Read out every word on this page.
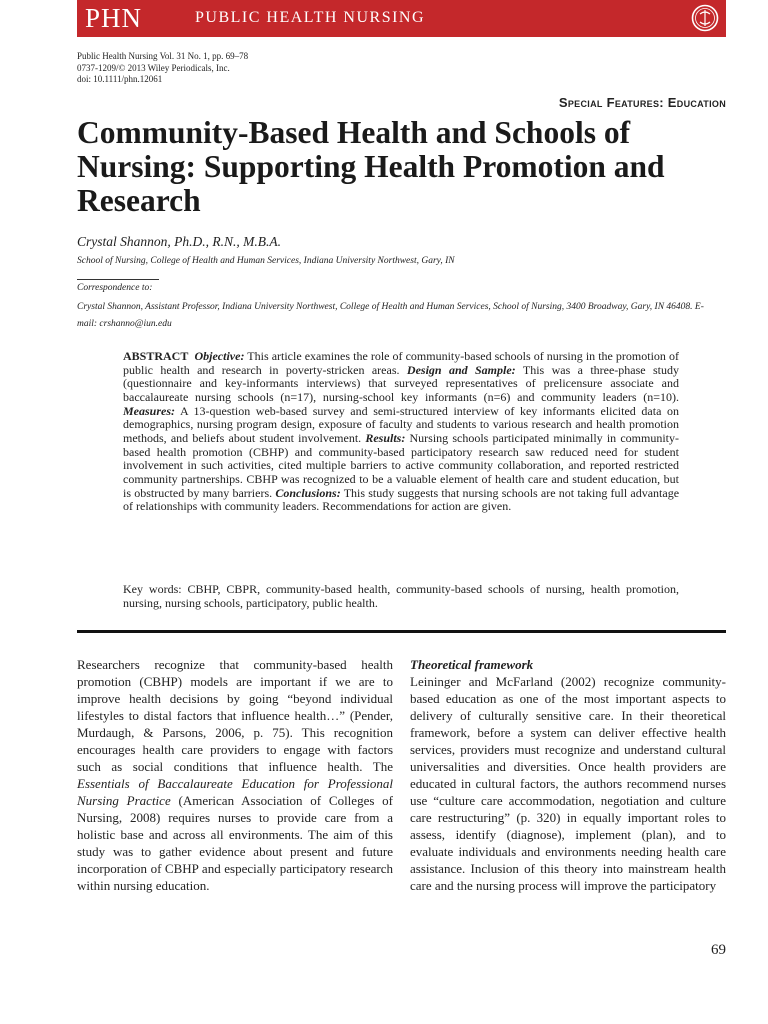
PHN	PUBLIC HEALTH NURSING
Public Health Nursing Vol. 31 No. 1, pp. 69–78
0737-1209/© 2013 Wiley Periodicals, Inc.
doi: 10.1111/phn.12061
Special Features: Education
Community-Based Health and Schools of Nursing: Supporting Health Promotion and Research
Crystal Shannon, Ph.D., R.N., M.B.A.
School of Nursing, College of Health and Human Services, Indiana University Northwest, Gary, IN
Correspondence to:
Crystal Shannon, Assistant Professor, Indiana University Northwest, College of Health and Human Services, School of Nursing, 3400 Broadway, Gary, IN 46408. E-mail: crshanno@iun.edu

ABSTRACT Objective: This article examines the role of community-based schools of nursing in the promotion of public health and research in poverty-stricken areas. Design and Sample: This was a three-phase study (questionnaire and key-informants interviews) that surveyed representatives of prelicensure associate and baccalaureate nursing schools (n=17), nursing-school key informants (n=6) and community leaders (n=10). Measures: A 13-question web-based survey and semi-structured interview of key informants elicited data on demographics, nursing program design, exposure of faculty and students to various research and health promotion methods, and beliefs about student involvement. Results: Nursing schools participated minimally in community-based health promotion (CBHP) and community-based participatory research saw reduced need for student involvement in such activities, cited multiple barriers to active community collaboration, and reported restricted community partnerships. CBHP was recognized to be a valuable element of health care and student education, but is obstructed by many barriers. Conclusions: This study suggests that nursing schools are not taking full advantage of relationships with community leaders. Recommendations for action are given.

Key words: CBHP, CBPR, community-based health, community-based schools of nursing, health promotion, nursing, nursing schools, participatory, public health.

Researchers recognize that community-based health promotion (CBHP) models are important if we are to improve health decisions by going “beyond individual lifestyles to distal factors that influence health…” (Pender, Murdaugh, & Parsons, 2006, p. 75). This recognition encourages health care providers to engage with factors such as social conditions that influence health. The Essentials of Baccalaureate Education for Professional Nursing Practice (American Association of Colleges of Nursing, 2008) requires nurses to provide care from a holistic base and across all environments. The aim of this study was to gather evidence about present and future incorporation of CBHP and especially participatory research within nursing education.

Theoretical framework
Leininger and McFarland (2002) recognize community-based education as one of the most important aspects to delivery of culturally sensitive care. In their theoretical framework, before a system can deliver effective health services, providers must recognize and understand cultural universalities and diversities. Once health providers are educated in cultural factors, the authors recommend nurses use “culture care accommodation, negotiation and culture care restructuring” (p. 320) in equally important roles to assess, identify (diagnose), implement (plan), and to evaluate individuals and environments needing health care assistance. Inclusion of this theory into mainstream health care and the nursing process will improve the participatory

69
